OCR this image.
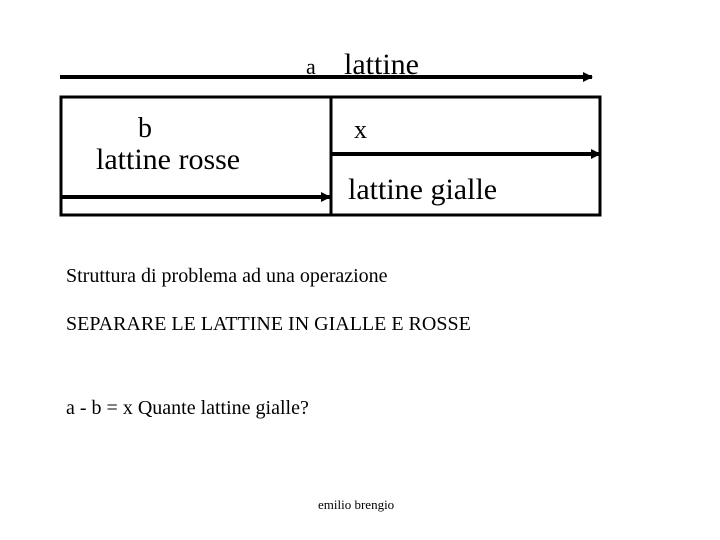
a lattine
b
lattine rosse
x
lattine gialle
Struttura di problema ad una operazione
SEPARARE LE LATTINE IN GIALLE E ROSSE
a - b = x Quante lattine gialle?
emilio brengio
